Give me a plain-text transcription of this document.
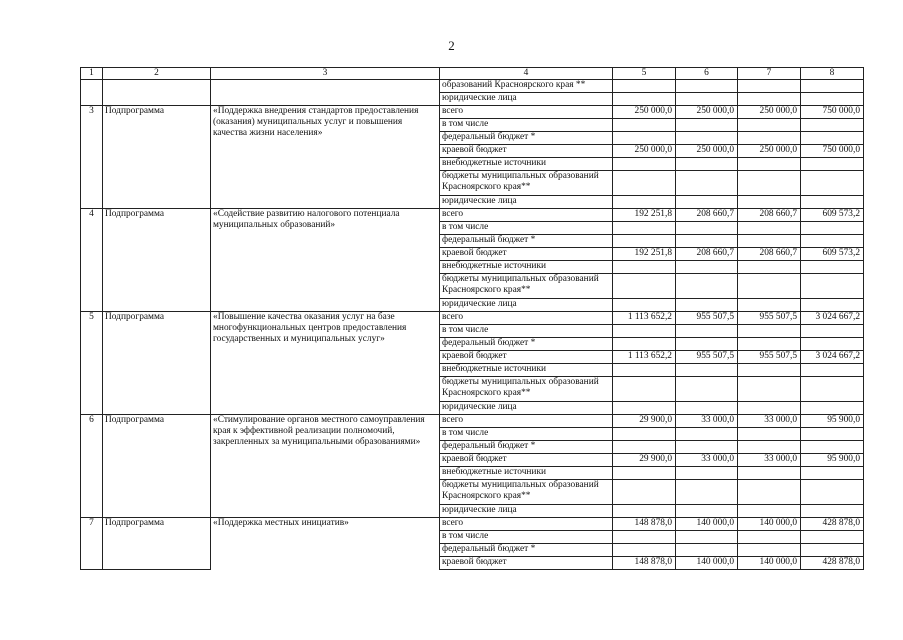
2
1	2	3	4	5	6	7	8
			образований Красноярского края **				
			юридические лица				
3	Подпрограмма	«Поддержка внедрения стандартов предоставления (оказания) муниципальных услуг и повышения качества жизни населения»	всего	250 000,0	250 000,0	250 000,0	750 000,0
			в том числе				
			федеральный бюджет *				
			краевой бюджет	250 000,0	250 000,0	250 000,0	750 000,0
			внебюджетные источники				
			бюджеты муниципальных образований Красноярского края**				
			юридические лица				
4	Подпрограмма	«Содействие развитию налогового потенциала муниципальных образований»	всего	192 251,8	208 660,7	208 660,7	609 573,2
			в том числе				
			федеральный бюджет *				
			краевой бюджет	192 251,8	208 660,7	208 660,7	609 573,2
			внебюджетные источники				
			бюджеты муниципальных образований Красноярского края**				
			юридические лица				
5	Подпрограмма	«Повышение качества оказания услуг на базе многофункциональных центров предоставления государственных и муниципальных услуг»	всего	1 113 652,2	955 507,5	955 507,5	3 024 667,2
			в том числе				
			федеральный бюджет *				
			краевой бюджет	1 113 652,2	955 507,5	955 507,5	3 024 667,2
			внебюджетные источники				
			бюджеты муниципальных образований Красноярского края**				
			юридические лица				
6	Подпрограмма	«Стимулирование органов местного самоуправления края к эффективной реализации полномочий, закрепленных за муниципальными образованиями»	всего	29 900,0	33 000,0	33 000,0	95 900,0
			в том числе				
			федеральный бюджет *				
			краевой бюджет	29 900,0	33 000,0	33 000,0	95 900,0
			внебюджетные источники				
			бюджеты муниципальных образований Красноярского края**				
			юридические лица				
7	Подпрограмма	«Поддержка местных инициатив»	всего	148 878,0	140 000,0	140 000,0	428 878,0
			в том числе				
			федеральный бюджет *				
			краевой бюджет	148 878,0	140 000,0	140 000,0	428 878,0
